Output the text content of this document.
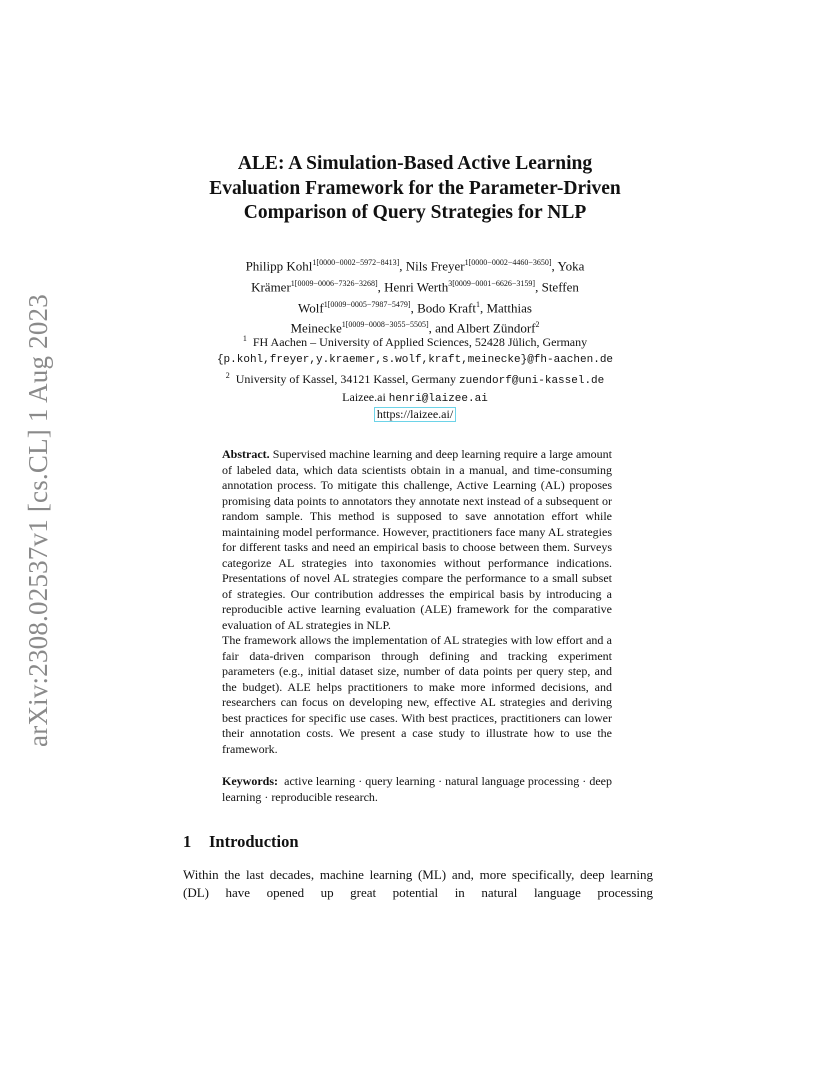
arXiv:2308.02537v1 [cs.CL] 1 Aug 2023
ALE: A Simulation-Based Active Learning
Evaluation Framework for the Parameter-Driven
Comparison of Query Strategies for NLP
Philipp Kohl$^{1[0000-0002-5972-8413]}$, Nils Freyer$^{1[0000-0002-4460-3650]}$, Yoka
Krämer$^{1[0009-0006-7326-3268]}$, Henri Werth$^{3[0009-0001-6626-3159]}$, Steffen
Wolf$^{1[0009-0005-7987-5479]}$, Bodo Kraft$^1$, Matthias
Meinecke$^{1[0009-0008-3055-5505]}$, and Albert Zündorf$^2$
$^1$ FH Aachen – University of Applied Sciences, 52428 Jülich, Germany
{p.kohl,freyer,y.kraemer,s.wolf,kraft,meinecke}@fh-aachen.de
$^2$ University of Kassel, 34121 Kassel, Germany zuendorf@uni-kassel.de
Laizee.ai henri@laizee.ai
https://laizee.ai/

Abstract. Supervised machine learning and deep learning require a large amount of labeled data, which data scientists obtain in a manual, and time-consuming annotation process. To mitigate this challenge, Active Learning (AL) proposes promising data points to annotators they annotate next instead of a subsequent or random sample. This method is supposed to save annotation effort while maintaining model performance. However, practitioners face many AL strategies for different tasks and need an empirical basis to choose between them. Surveys categorize AL strategies into taxonomies without performance indications. Presentations of novel AL strategies compare the performance to a small subset of strategies. Our contribution addresses the empirical basis by introducing a reproducible active learning evaluation (ALE) framework for the comparative evaluation of AL strategies in NLP.

The framework allows the implementation of AL strategies with low effort and a fair data-driven comparison through defining and tracking experiment parameters (e.g., initial dataset size, number of data points per query step, and the budget). ALE helps practitioners to make more informed decisions, and researchers can focus on developing new, effective AL strategies and deriving best practices for specific use cases. With best practices, practitioners can lower their annotation costs. We present a case study to illustrate how to use the framework.

Keywords: active learning · query learning · natural language processing · deep learning · reproducible research.
1 Introduction
Within the last decades, machine learning (ML) and, more specifically, deep learning (DL) have opened up great potential in natural language processing
